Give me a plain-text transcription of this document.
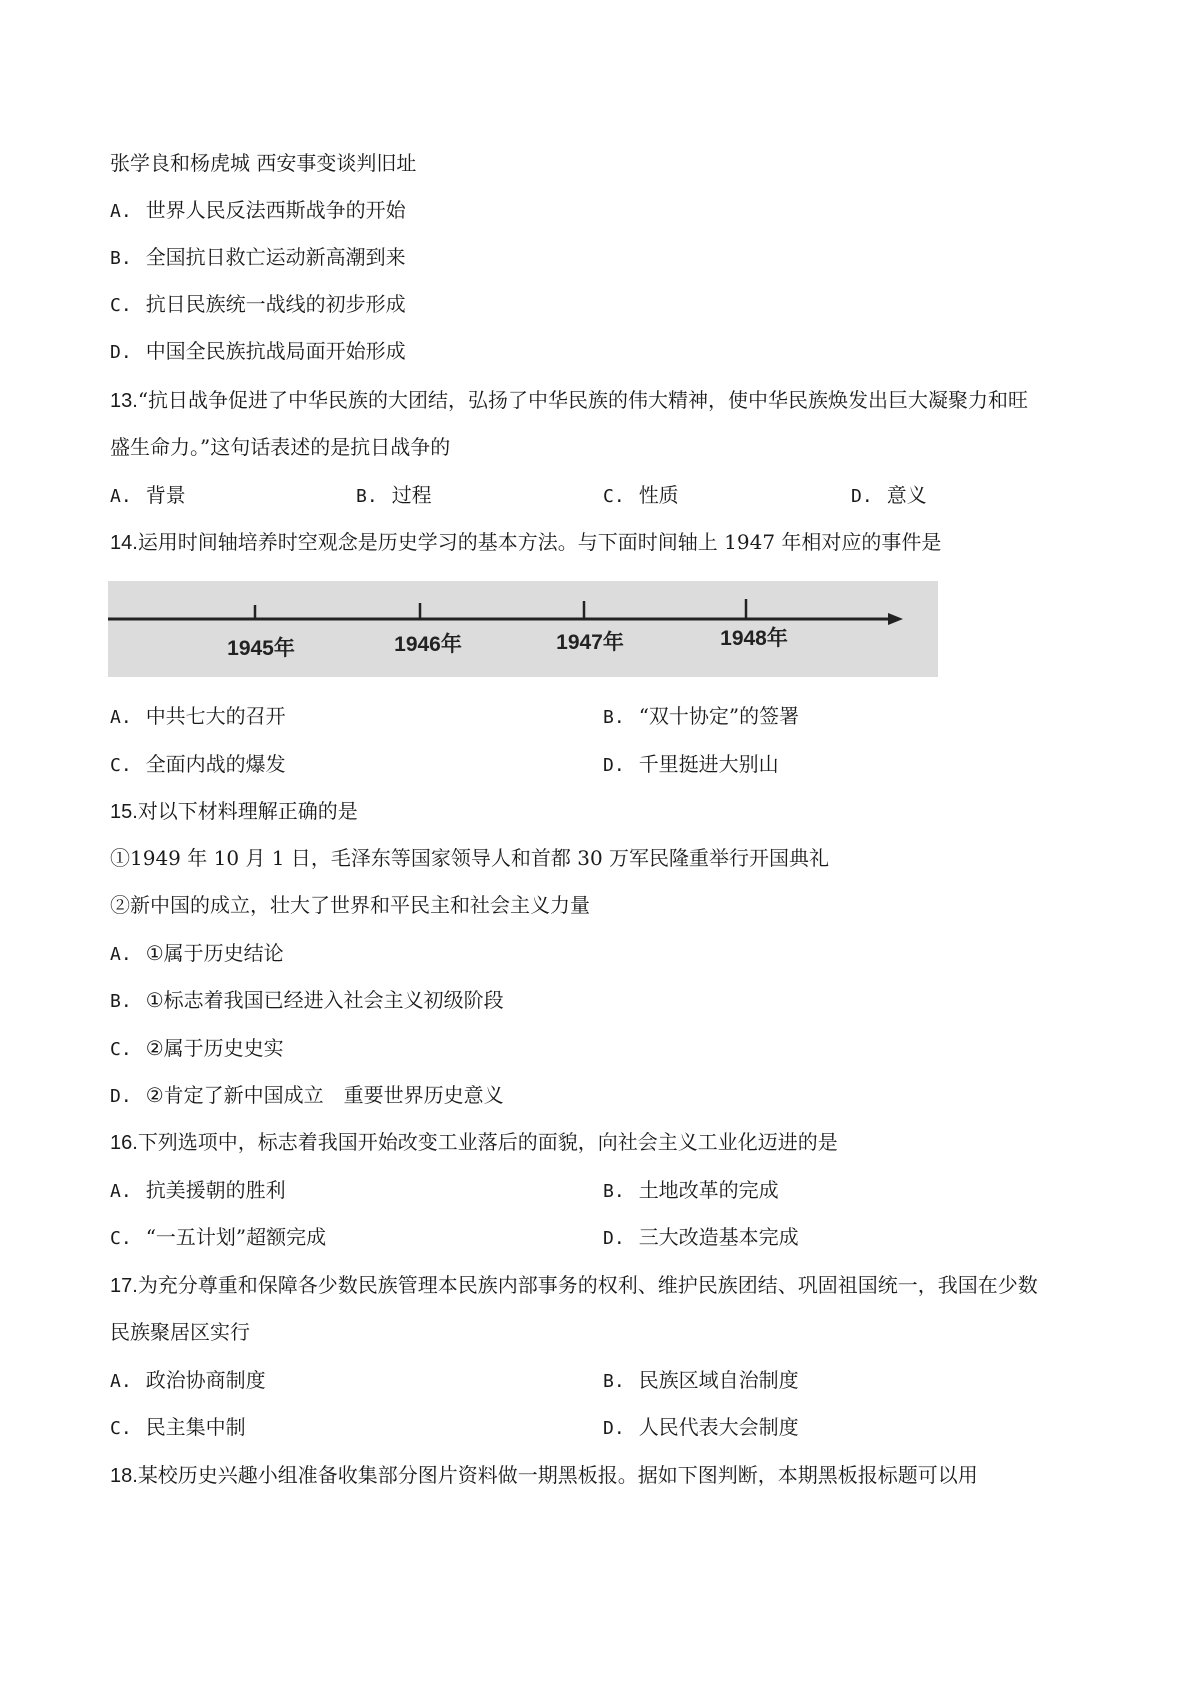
张学良和杨虎城 西安事变谈判旧址
A. 世界人民反法西斯战争的开始
B. 全国抗日救亡运动新高潮到来
C. 抗日民族统一战线的初步形成
D. 中国全民族抗战局面开始形成
13.“抗日战争促进了中华民族的大团结，弘扬了中华民族的伟大精神，使中华民族焕发出巨大凝聚力和旺
盛生命力。”这句话表述的是抗日战争的
A. 背景	B. 过程	C. 性质	D. 意义
14.运用时间轴培养时空观念是历史学习的基本方法。与下面时间轴上 1947 年相对应的事件是
1945年	1946年	1947年	1948年
A. 中共七大的召开	B. “双十协定”的签署
C. 全面内战的爆发	D. 千里挺进大别山
15.对以下材料理解正确的是
①1949 年 10 月 1 日，毛泽东等国家领导人和首都 30 万军民隆重举行开国典礼
②新中国的成立，壮大了世界和平民主和社会主义力量
A. ①属于历史结论
B. ①标志着我国已经进入社会主义初级阶段
C. ②属于历史史实
D. ②肯定了新中国成立　重要世界历史意义
16.下列选项中，标志着我国开始改变工业落后的面貌，向社会主义工业化迈进的是
A. 抗美援朝的胜利	B. 土地改革的完成
C. “一五计划”超额完成	D. 三大改造基本完成
17.为充分尊重和保障各少数民族管理本民族内部事务的权利、维护民族团结、巩固祖国统一，我国在少数
民族聚居区实行
A. 政治协商制度	B. 民族区域自治制度
C. 民主集中制	D. 人民代表大会制度
18.某校历史兴趣小组准备收集部分图片资料做一期黑板报。据如下图判断，本期黑板报标题可以用
